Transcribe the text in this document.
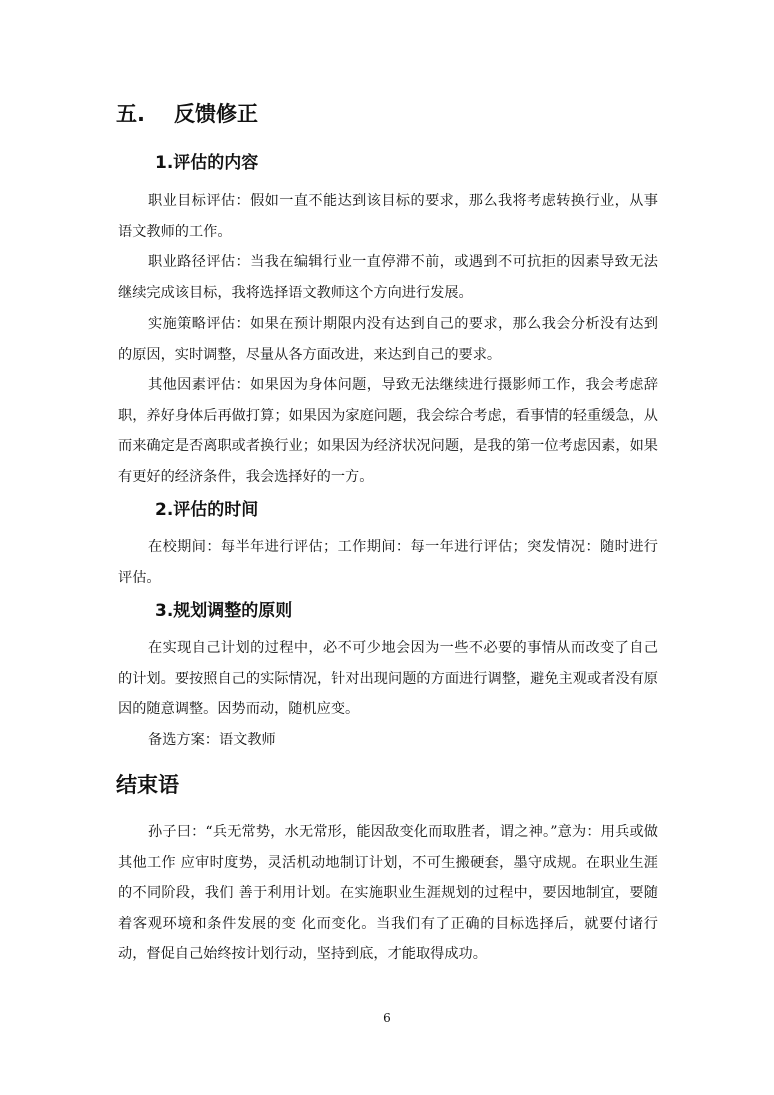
五. 反馈修正
1.评估的内容

职业目标评估：假如一直不能达到该目标的要求，那么我将考虑转换行业，从事语文教师的工作。

职业路径评估：当我在编辑行业一直停滞不前，或遇到不可抗拒的因素导致无法继续完成该目标，我将选择语文教师这个方向进行发展。

实施策略评估：如果在预计期限内没有达到自己的要求，那么我会分析没有达到的原因，实时调整，尽量从各方面改进，来达到自己的要求。

其他因素评估：如果因为身体问题，导致无法继续进行摄影师工作，我会考虑辞职，养好身体后再做打算；如果因为家庭问题，我会综合考虑，看事情的轻重缓急，从而来确定是否离职或者换行业；如果因为经济状况问题，是我的第一位考虑因素，如果有更好的经济条件，我会选择好的一方。

2.评估的时间

在校期间：每半年进行评估；工作期间：每一年进行评估；突发情况：随时进行评估。

3.规划调整的原则

在实现自己计划的过程中，必不可少地会因为一些不必要的事情从而改变了自己的计划。要按照自己的实际情况，针对出现问题的方面进行调整，避免主观或者没有原因的随意调整。因势而动，随机应变。

备选方案：语文教师

结束语

孙子曰：“兵无常势，水无常形，能因敌变化而取胜者，谓之神。”意为：用兵或做其他工作 应审时度势，灵活机动地制订计划，不可生搬硬套，墨守成规。在职业生涯的不同阶段，我们 善于利用计划。在实施职业生涯规划的过程中，要因地制宜，要随着客观环境和条件发展的变 化而变化。当我们有了正确的目标选择后，就要付诸行动，督促自己始终按计划行动，坚持到底，才能取得成功。

6
